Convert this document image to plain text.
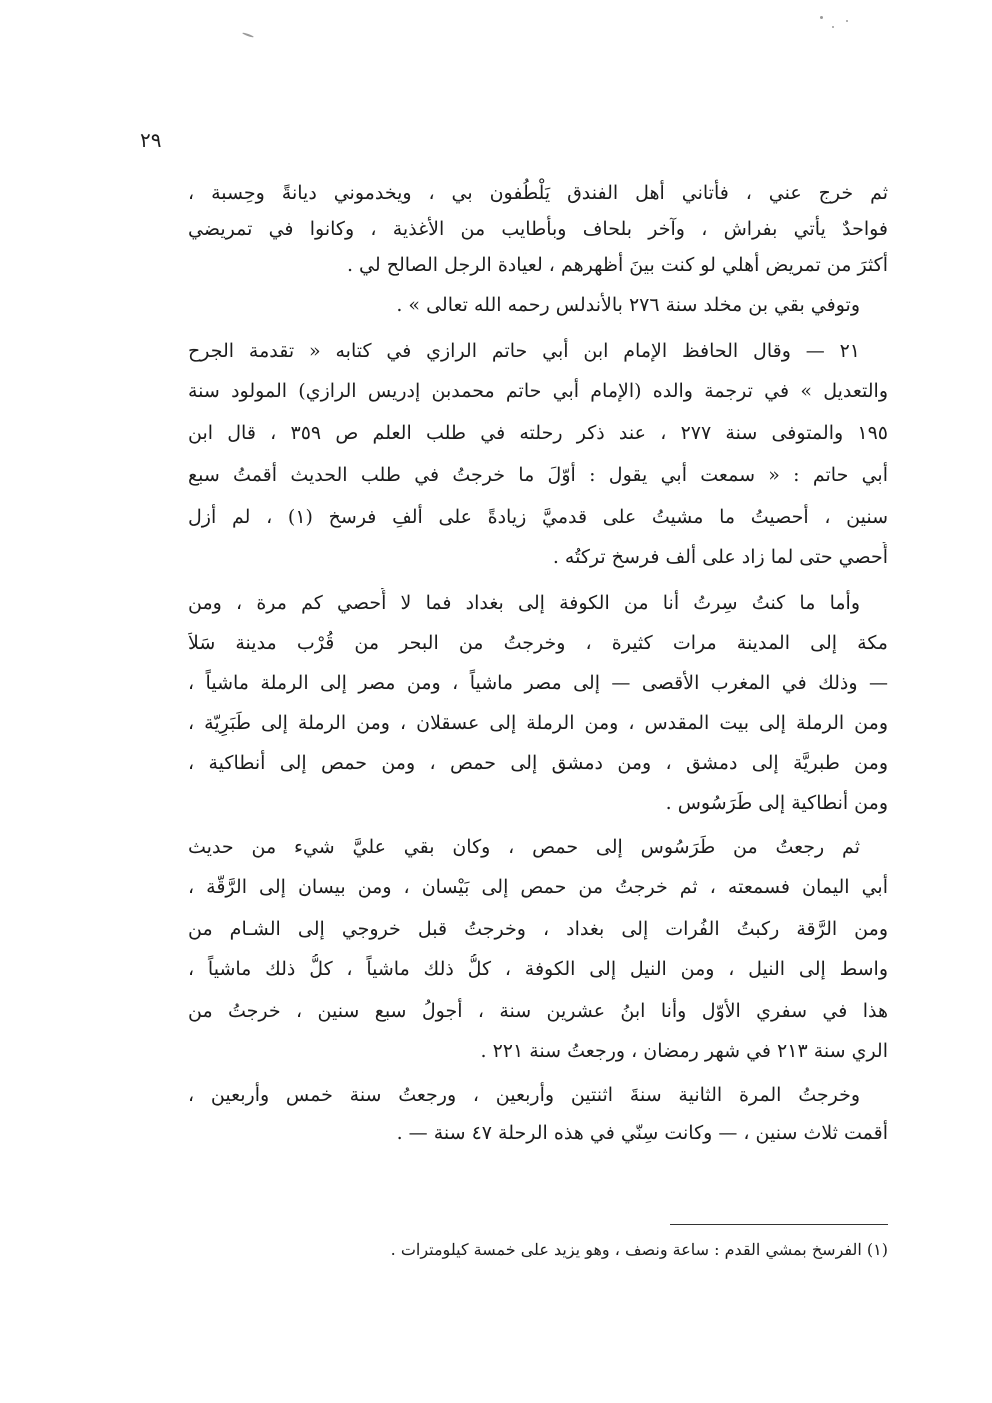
٢٩
ثم خرج عني ، فأتاني أهل الفندق يَلْطُفون بي ، ويخدموني ديانةً وحِسبة ،
فواحدٌ يأتي بفراش ، وآخر بلحاف وبأطايب من الأغذية ، وكانوا في تمريضي
أكثرَ من تمريض أهلي لو كنت بينَ أظهرهم ، لعيادة الرجل الصالح لي .
وتوفي بقي بن مخلد سنة ٢٧٦ بالأندلس رحمه الله تعالى » .
٢١ — وقال الحافظ الإمام ابن أبي حاتم الرازي في كتابه « تقدمة الجرح
والتعديل » في ترجمة والده (الإمام أبي حاتم محمدبن إدريس الرازي) المولود سنة
١٩٥ والمتوفى سنة ٢٧٧ ، عند ذكر رحلته في طلب العلم ص ٣٥٩ ، قال ابن
أبي حاتم : « سمعت أبي يقول : أوّلَ ما خرجتُ في طلب الحديث أقمتُ سبع
سنين ، أحصيتُ ما مشيتُ على قدميَّ زيادةً على ألفِ فرسخ (١) ، لم أزل
أُحصي حتى لما زاد على ألف فرسخ تركتُه .
وأما ما كنتُ سِرتُ أنا من الكوفة إلى بغداد فما لا أُحصي كم مرة ، ومن
مكة إلى المدينة مرات كثيرة ، وخرجتُ من البحر من قُرْب مدينة سَلاَ
— وذلك في المغرب الأقصى — إلى مصر ماشياً ، ومن مصر إلى الرملة ماشياً ،
ومن الرملة إلى بيت المقدس ، ومن الرملة إلى عسقلان ، ومن الرملة إلى طَبَرِيّة ،
ومن طبريَّة إلى دمشق ، ومن دمشق إلى حمص ، ومن حمص إلى أنطاكية ،
ومن أنطاكية إلى طَرَسُوس .
ثم رجعتُ من طَرَسُوس إلى حمص ، وكان بقي عليَّ شيء من حديث
أبي اليمان فسمعته ، ثم خرجتُ من حمص إلى بَيْسان ، ومن بيسان إلى الرَّقّة ،
ومن الرَّقة ركبتُ الفُرات إلى بغداد ، وخرجتُ قبل خروجي إلى الشـام من
واسط إلى النيل ، ومن النيل إلى الكوفة ، كلُّ ذلك ماشياً ، كلُّ ذلك ماشياً ،
هذا في سفري الأوّل وأنا ابنُ عشرين سنة ، أجولُ سبع سنين ، خرجتُ من
الري سنة ٢١٣ في شهر رمضان ، ورجعتُ سنة ٢٢١ .
وخرجتُ المرة الثانية سنةَ اثنتين وأربعين ، ورجعتُ سنة خمس وأربعين ،
أقمت ثلاث سنين ، — وكانت سِنّي في هذه الرحلة ٤٧ سنة — .
(١) الفرسخ بمشي القدم : ساعة ونصف ، وهو يزيد على خمسة كيلومترات .
